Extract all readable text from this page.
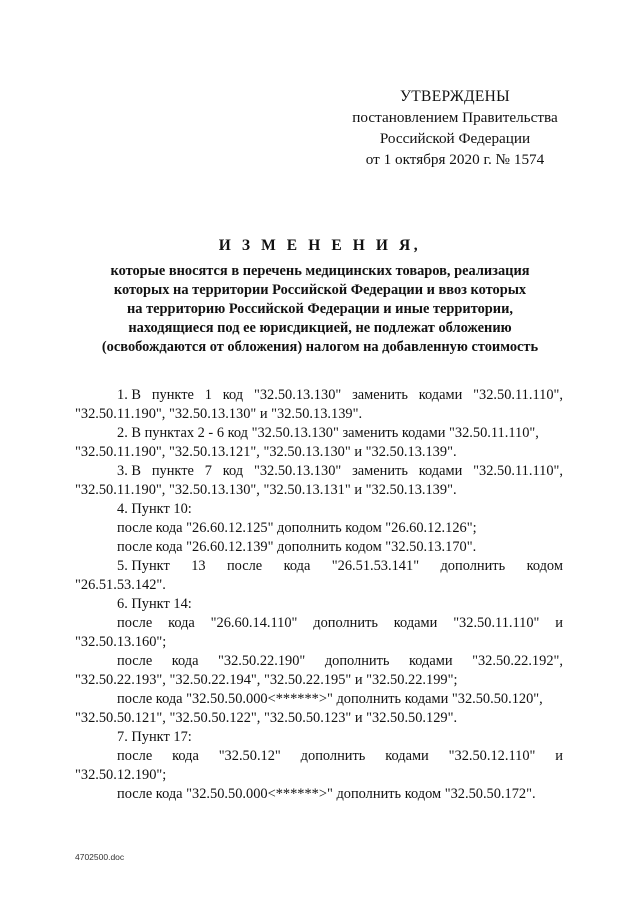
УТВЕРЖДЕНЫ
постановлением Правительства
Российской Федерации
от 1 октября 2020 г. № 1574
И З М Е Н Е Н И Я,
которые вносятся в перечень медицинских товаров, реализация
которых на территории Российской Федерации и ввоз которых
на территорию Российской Федерации и иные территории,
находящиеся под ее юрисдикцией, не подлежат обложению
(освобождаются от обложения) налогом на добавленную стоимость
1. В пункте 1 код "32.50.13.130" заменить кодами "32.50.11.110",
"32.50.11.190", "32.50.13.130" и "32.50.13.139".
2. В пунктах 2 - 6 код "32.50.13.130" заменить кодами "32.50.11.110",
"32.50.11.190", "32.50.13.121", "32.50.13.130" и "32.50.13.139".
3. В пункте 7 код "32.50.13.130" заменить кодами "32.50.11.110",
"32.50.11.190", "32.50.13.130", "32.50.13.131" и "32.50.13.139".
4. Пункт 10:
после кода "26.60.12.125" дополнить кодом "26.60.12.126";
после кода "26.60.12.139" дополнить кодом "32.50.13.170".
5. Пункт 13 после кода "26.51.53.141" дополнить кодом
"26.51.53.142".
6. Пункт 14:
после кода "26.60.14.110" дополнить кодами "32.50.11.110" и
"32.50.13.160";
после кода "32.50.22.190" дополнить кодами "32.50.22.192",
"32.50.22.193", "32.50.22.194", "32.50.22.195" и "32.50.22.199";
после кода "32.50.50.000<******>" дополнить кодами "32.50.50.120",
"32.50.50.121", "32.50.50.122", "32.50.50.123" и "32.50.50.129".
7. Пункт 17:
после кода "32.50.12" дополнить кодами "32.50.12.110" и
"32.50.12.190";
после кода "32.50.50.000<******>" дополнить кодом "32.50.50.172".
4702500.doc
